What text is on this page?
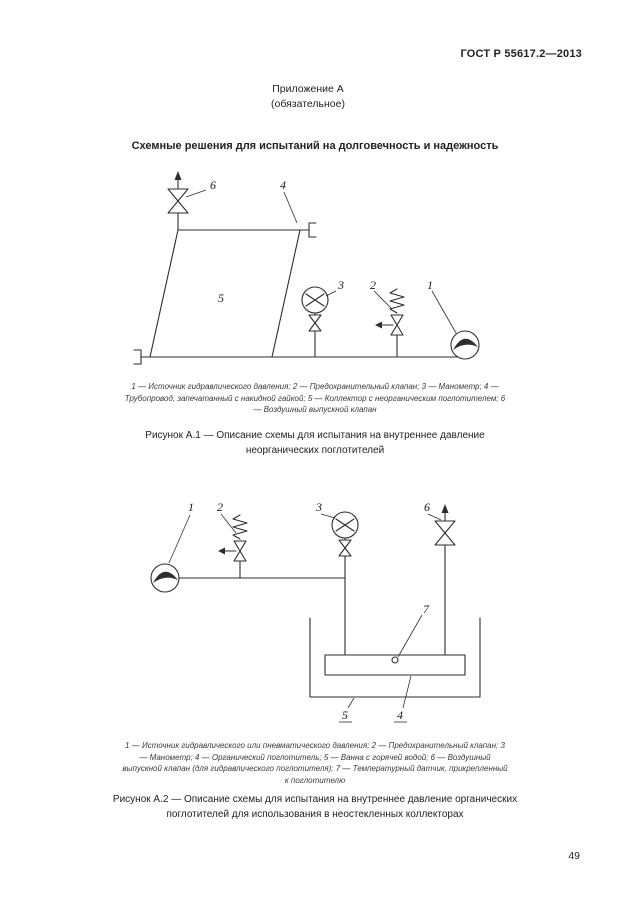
ГОСТ Р 55617.2—2013
Приложение А
(обязательное)
Схемные решения для испытаний на долговечность и надежность
6	4
5
3 2	1
1 — Источник гидравлического давления; 2 — Предохранительный клапан; 3 — Манометр; 4 — Трубопровод, запечатанный с накидной гайкой; 5 — Коллектор с неорганическим поглотителем; 6 — Воздушный выпускной клапан
Рисунок А.1 — Описание схемы для испытания на внутреннее давление неорганических поглотителей
1 2	3	6
7
5	4
1 — Источник гидравлического или пневматического давления; 2 — Предохранительный клапан; 3 — Манометр; 4 — Органический поглотитель; 5 — Ванна с горячей водой; 6 — Воздушный выпускной клапан (для гидравлического поглотителя); 7 — Температурный датчик, прикрепленный к поглотителю
Рисунок А.2 — Описание схемы для испытания на внутреннее давление органических поглотителей для использования в неостекленных коллекторах
49
